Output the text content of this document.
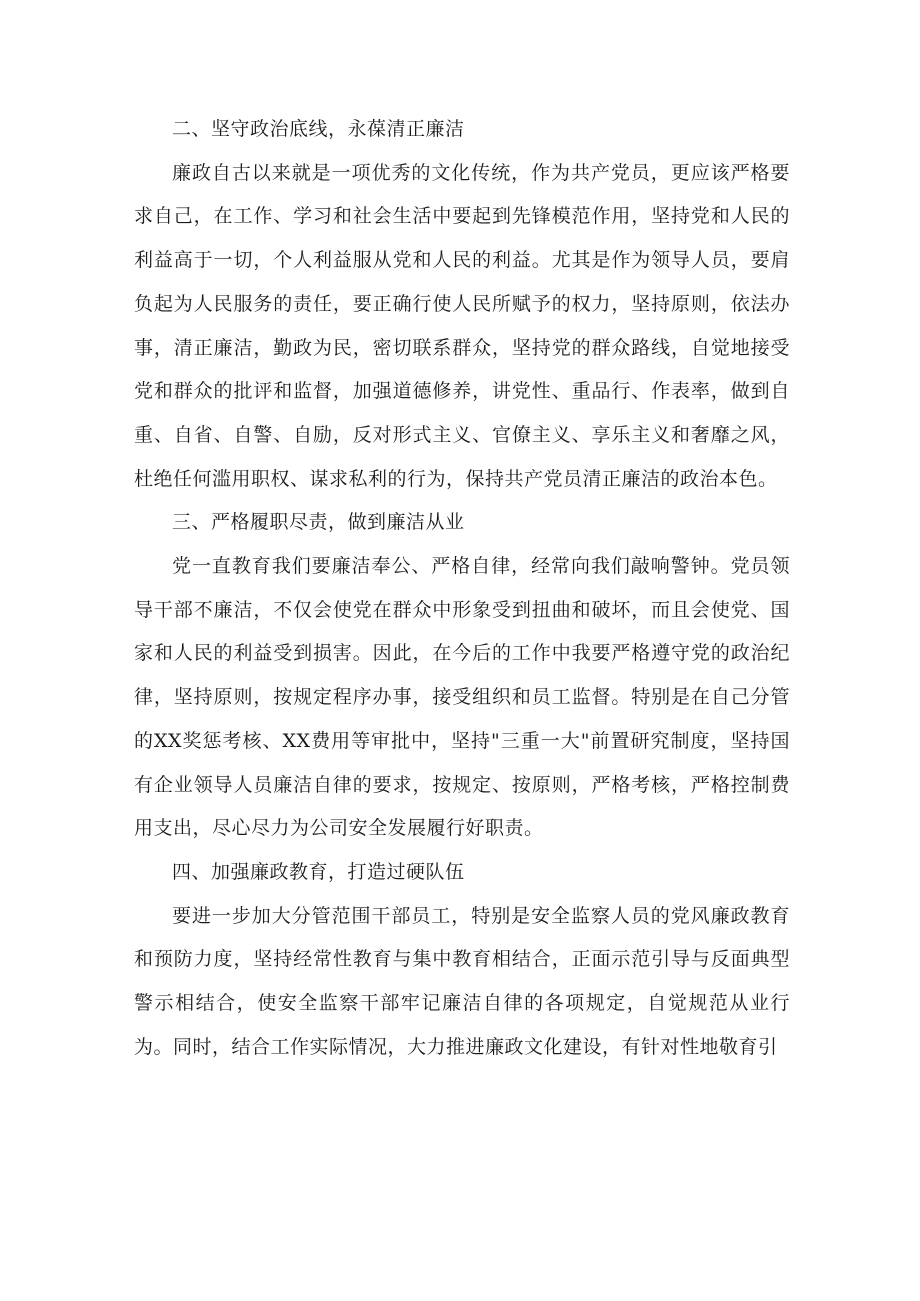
二、坚守政治底线，永葆清正廉洁

廉政自古以来就是一项优秀的文化传统，作为共产党员，更应该严格要求自己，在工作、学习和社会生活中要起到先锋模范作用，坚持党和人民的利益高于一切，个人利益服从党和人民的利益。尤其是作为领导人员，要肩负起为人民服务的责任，要正确行使人民所赋予的权力，坚持原则，依法办事，清正廉洁，勤政为民，密切联系群众，坚持党的群众路线，自觉地接受党和群众的批评和监督，加强道德修养，讲党性、重品行、作表率，做到自重、自省、自警、自励，反对形式主义、官僚主义、享乐主义和奢靡之风，杜绝任何滥用职权、谋求私利的行为，保持共产党员清正廉洁的政治本色。

三、严格履职尽责，做到廉洁从业

党一直教育我们要廉洁奉公、严格自律，经常向我们敲响警钟。党员领导干部不廉洁，不仅会使党在群众中形象受到扭曲和破坏，而且会使党、国家和人民的利益受到损害。因此，在今后的工作中我要严格遵守党的政治纪律，坚持原则，按规定程序办事，接受组织和员工监督。特别是在自己分管的XX奖惩考核、XX费用等审批中，坚持"三重一大"前置研究制度，坚持国有企业领导人员廉洁自律的要求，按规定、按原则，严格考核，严格控制费用支出，尽心尽力为公司安全发展履行好职责。

四、加强廉政教育，打造过硬队伍

要进一步加大分管范围干部员工，特别是安全监察人员的党风廉政教育和预防力度，坚持经常性教育与集中教育相结合，正面示范引导与反面典型警示相结合，使安全监察干部牢记廉洁自律的各项规定，自觉规范从业行为。同时，结合工作实际情况，大力推进廉政文化建设，有针对性地敬育引
